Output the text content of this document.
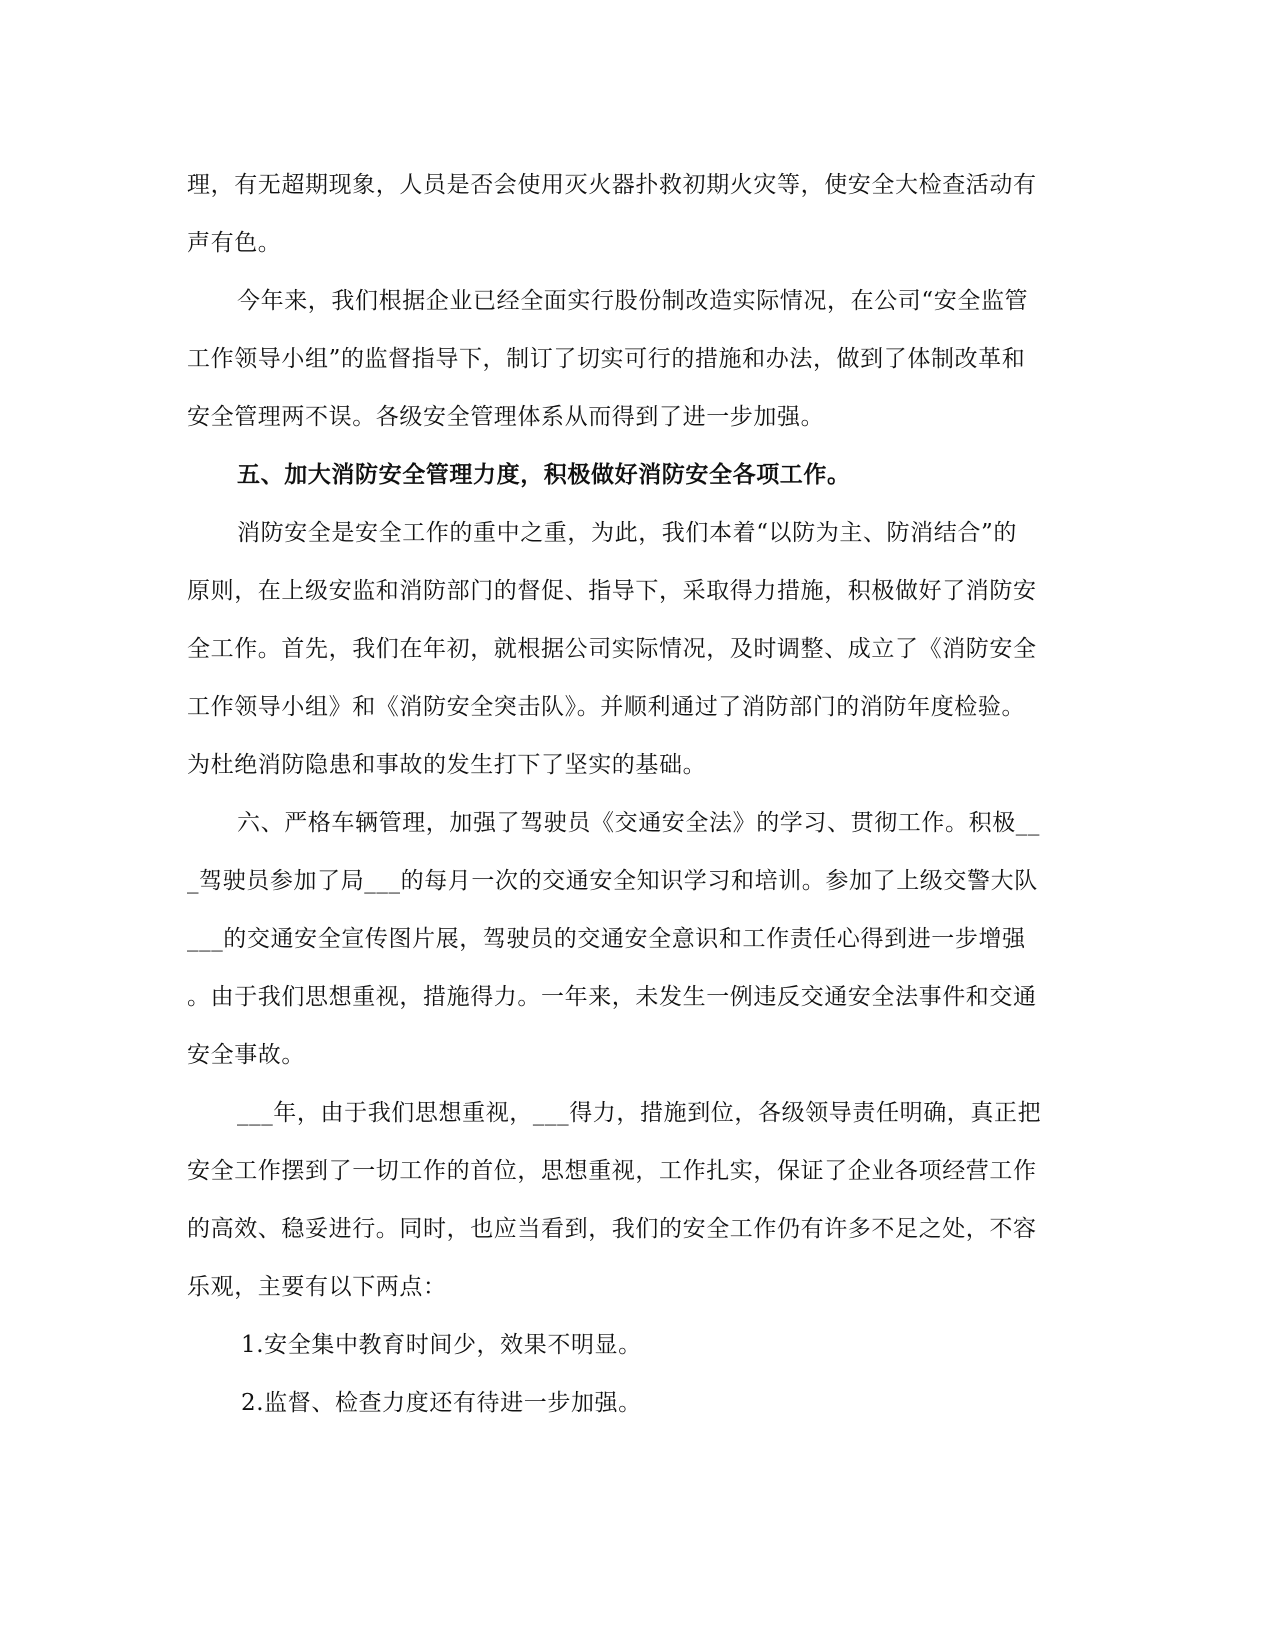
理，有无超期现象，人员是否会使用灭火器扑救初期火灾等，使安全大检查活动有
声有色。
今年来，我们根据企业已经全面实行股份制改造实际情况，在公司“安全监管
工作领导小组”的监督指导下，制订了切实可行的措施和办法，做到了体制改革和
安全管理两不误。各级安全管理体系从而得到了进一步加强。
五、加大消防安全管理力度，积极做好消防安全各项工作。
消防安全是安全工作的重中之重，为此，我们本着“以防为主、防消结合”的
原则，在上级安监和消防部门的督促、指导下，采取得力措施，积极做好了消防安
全工作。首先，我们在年初，就根据公司实际情况，及时调整、成立了《消防安全
工作领导小组》和《消防安全突击队》。并顺利通过了消防部门的消防年度检验。
为杜绝消防隐患和事故的发生打下了坚实的基础。
六、严格车辆管理，加强了驾驶员《交通安全法》的学习、贯彻工作。积极__
_驾驶员参加了局___的每月一次的交通安全知识学习和培训。参加了上级交警大队
___的交通安全宣传图片展，驾驶员的交通安全意识和工作责任心得到进一步增强
。由于我们思想重视，措施得力。一年来，未发生一例违反交通安全法事件和交通
安全事故。
___年，由于我们思想重视，___得力，措施到位，各级领导责任明确，真正把
安全工作摆到了一切工作的首位，思想重视，工作扎实，保证了企业各项经营工作
的高效、稳妥进行。同时，也应当看到，我们的安全工作仍有许多不足之处，不容
乐观，主要有以下两点：
1.安全集中教育时间少，效果不明显。
2.监督、检查力度还有待进一步加强。
